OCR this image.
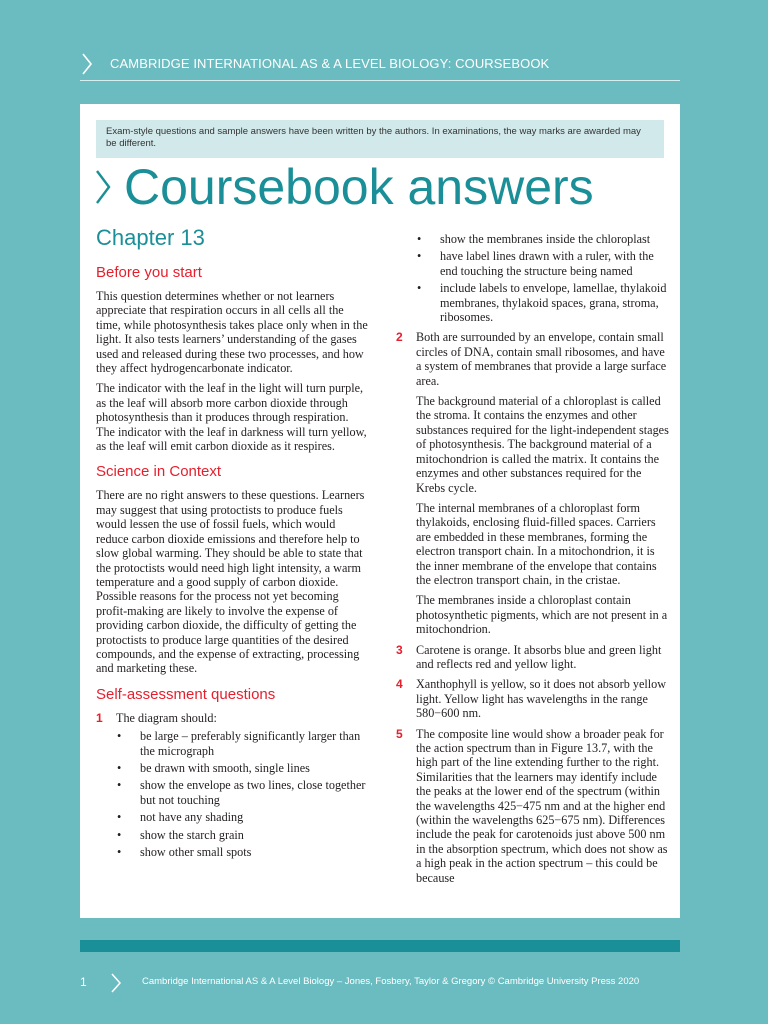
CAMBRIDGE INTERNATIONAL AS & A LEVEL BIOLOGY: COURSEBOOK
Exam-style questions and sample answers have been written by the authors. In examinations, the way marks are awarded may be different.
Coursebook answers
Chapter 13
Before you start

This question determines whether or not learners appreciate that respiration occurs in all cells all the time, while photosynthesis takes place only when in the light. It also tests learners’ understanding of the gases used and released during these two processes, and how they affect hydrogencarbonate indicator.

The indicator with the leaf in the light will turn purple, as the leaf will absorb more carbon dioxide through photosynthesis than it produces through respiration. The indicator with the leaf in darkness will turn yellow, as the leaf will emit carbon dioxide as it respires.

Science in Context

There are no right answers to these questions. Learners may suggest that using protoctists to produce fuels would lessen the use of fossil fuels, which would reduce carbon dioxide emissions and therefore help to slow global warming. They should be able to state that the protoctists would need high light intensity, a warm temperature and a good supply of carbon dioxide. Possible reasons for the process not yet becoming profit-making are likely to involve the expense of providing carbon dioxide, the difficulty of getting the protoctists to produce large quantities of the desired compounds, and the expense of extracting, processing and marketing these.

Self-assessment questions
1 The diagram should:
• be large – preferably significantly larger than the micrograph
• be drawn with smooth, single lines
• show the envelope as two lines, close together but not touching
• not have any shading
• show the starch grain
• show other small spots
• show the membranes inside the chloroplast
• have label lines drawn with a ruler, with the end touching the structure being named
• include labels to envelope, lamellae, thylakoid membranes, thylakoid spaces, grana, stroma, ribosomes.
2 Both are surrounded by an envelope, contain small circles of DNA, contain small ribosomes, and have a system of membranes that provide a large surface area.

The background material of a chloroplast is called the stroma. It contains the enzymes and other substances required for the light-independent stages of photosynthesis. The background material of a mitochondrion is called the matrix. It contains the enzymes and other substances required for the Krebs cycle.

The internal membranes of a chloroplast form thylakoids, enclosing fluid-filled spaces. Carriers are embedded in these membranes, forming the electron transport chain. In a mitochondrion, it is the inner membrane of the envelope that contains the electron transport chain, in the cristae.

The membranes inside a chloroplast contain photosynthetic pigments, which are not present in a mitochondrion.

3 Carotene is orange. It absorbs blue and green light and reflects red and yellow light.

4 Xanthophyll is yellow, so it does not absorb yellow light. Yellow light has wavelengths in the range 580−600 nm.

5 The composite line would show a broader peak for the action spectrum than in Figure 13.7, with the high part of the line extending further to the right. Similarities that the learners may identify include the peaks at the lower end of the spectrum (within the wavelengths 425−475 nm and at the higher end (within the wavelengths 625−675 nm). Differences include the peak for carotenoids just above 500 nm in the absorption spectrum, which does not show as a high peak in the action spectrum – this could be because

1	Cambridge International AS & A Level Biology – Jones, Fosbery, Taylor & Gregory © Cambridge University Press 2020
